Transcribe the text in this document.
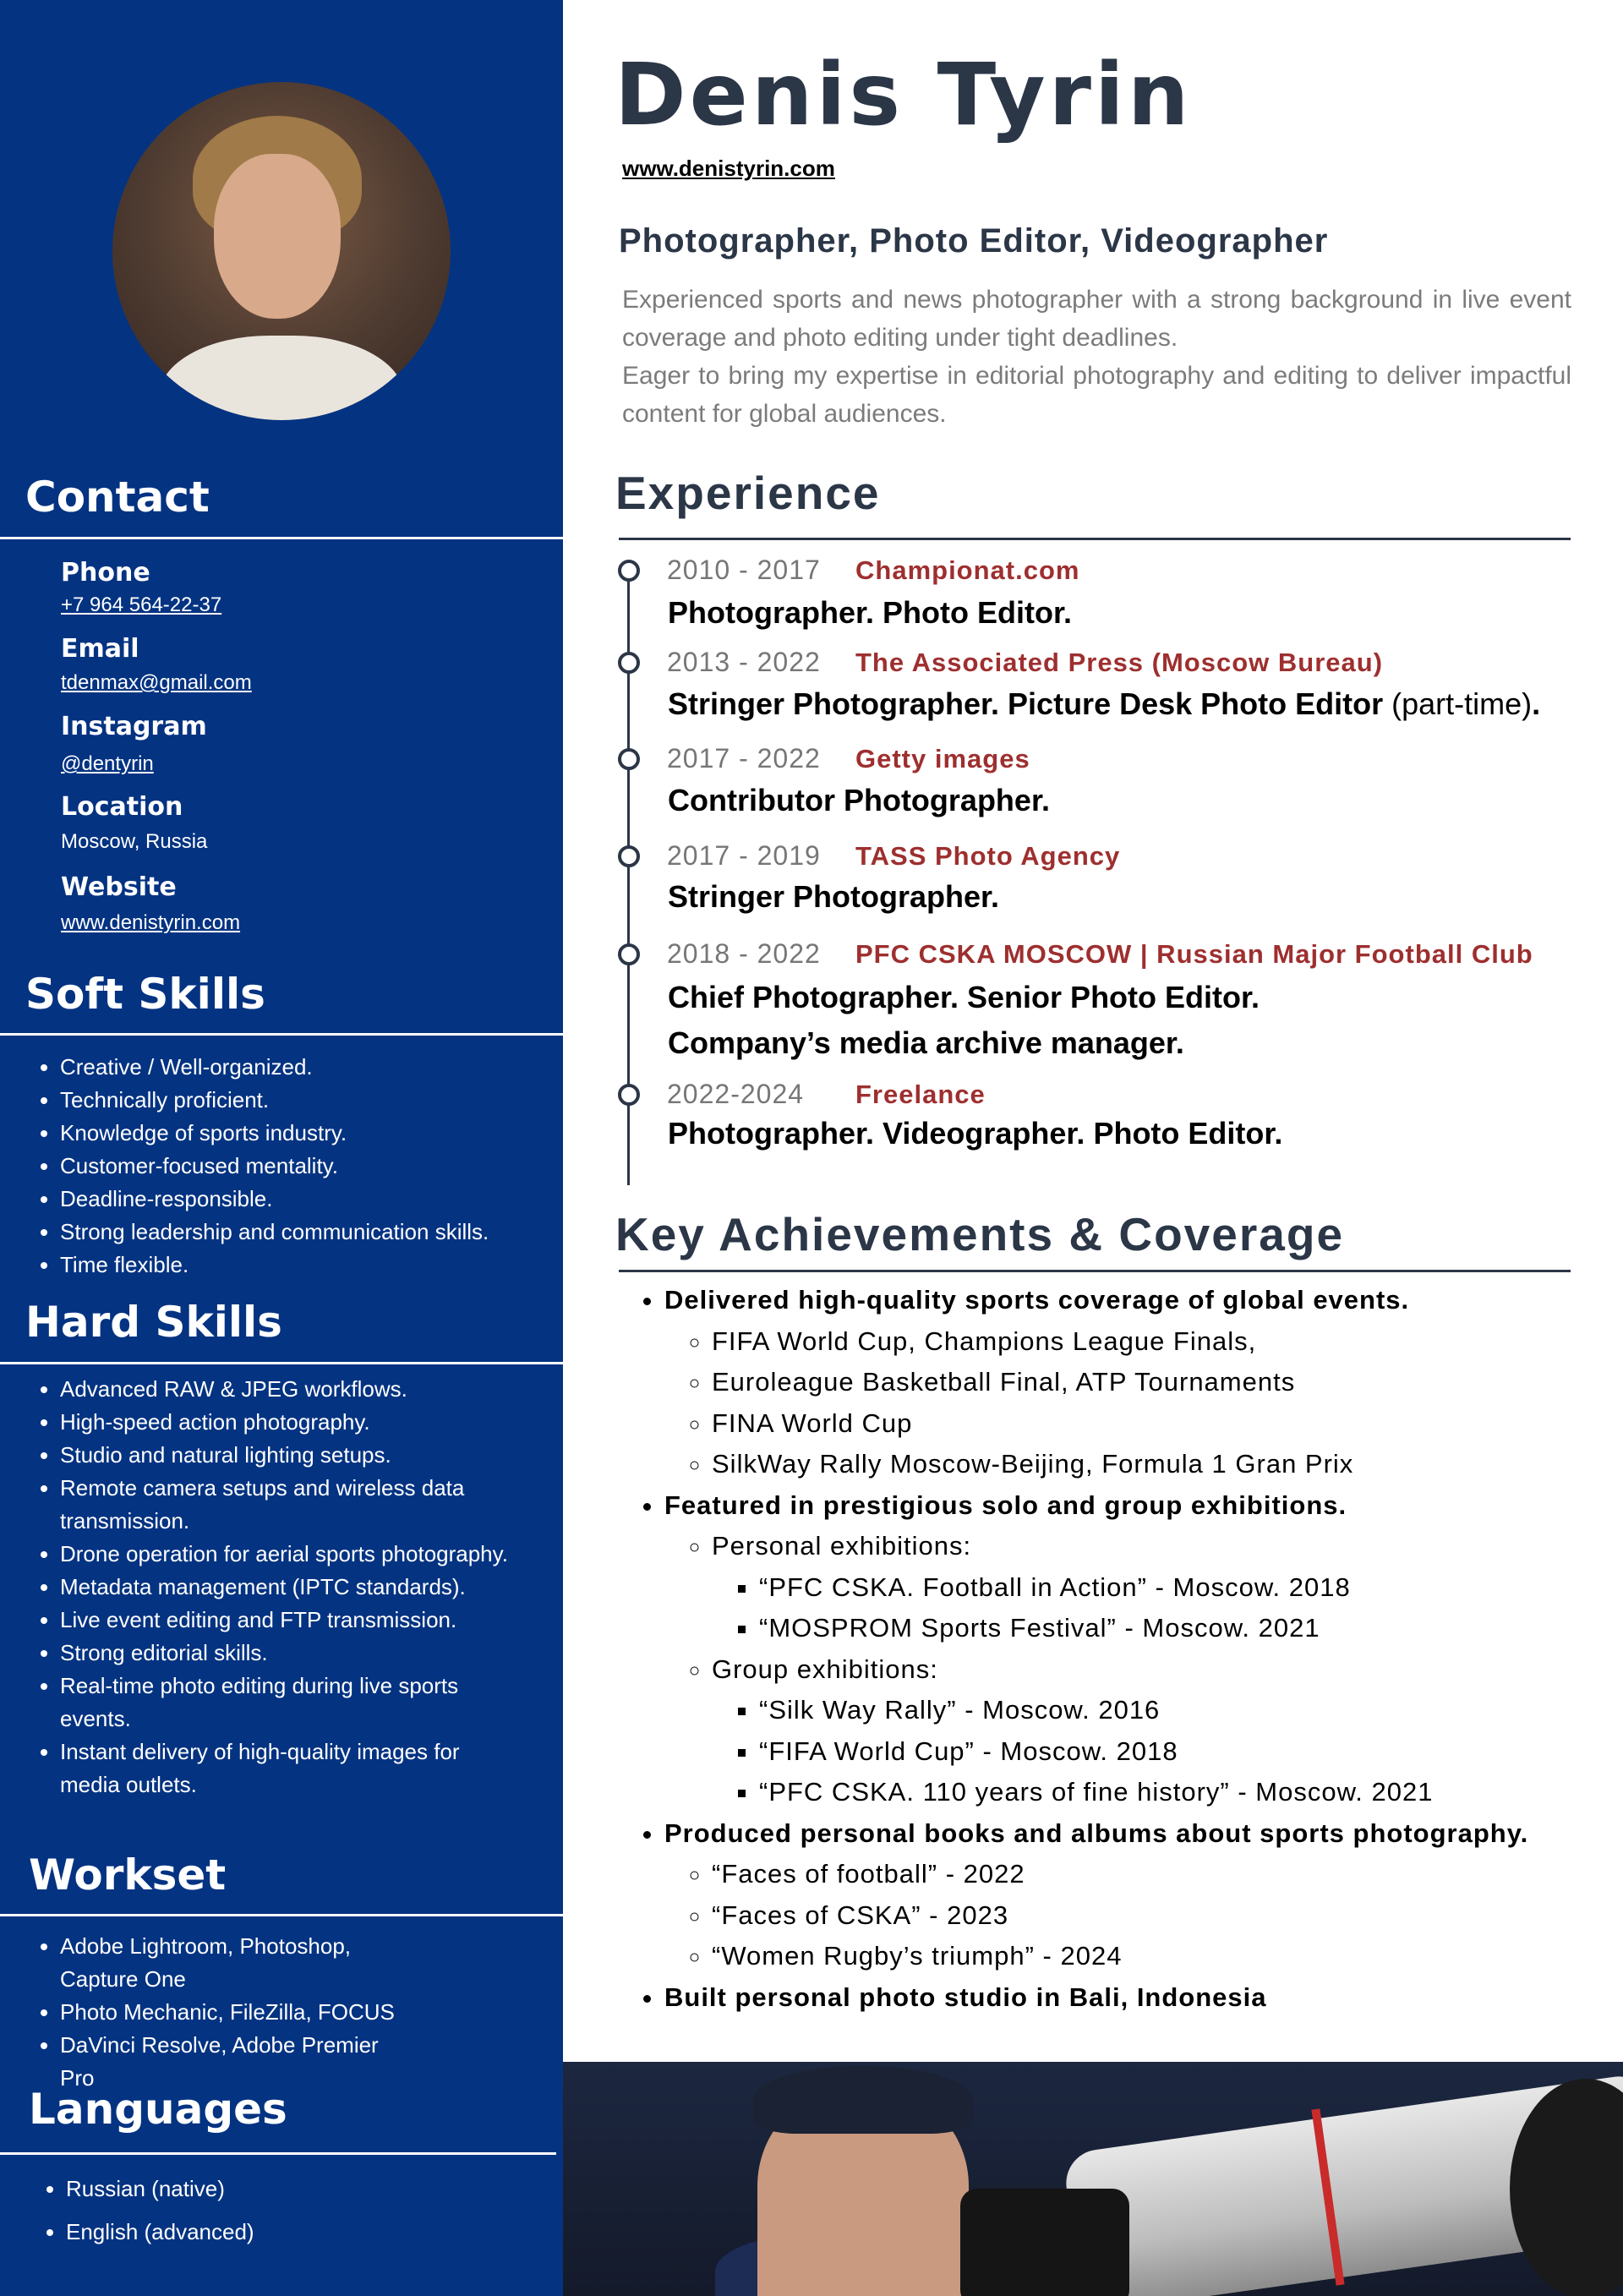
Contact
Phone
+7 964 564-22-37
Email
tdenmax@gmail.com
Instagram
@dentyrin
Location
Moscow, Russia
Website
www.denistyrin.com
Soft Skills
• Creative / Well-organized.
• Technically proficient.
• Knowledge of sports industry.
• Customer-focused mentality.
• Deadline-responsible.
• Strong leadership and communication skills.
• Time flexible.
Hard Skills
• Advanced RAW & JPEG workflows.
• High-speed action photography.
• Studio and natural lighting setups.
• Remote camera setups and wireless data transmission.
• Drone operation for aerial sports photography.
• Metadata management (IPTC standards).
• Live event editing and FTP transmission.
• Strong editorial skills.
• Real-time photo editing during live sports events.
• Instant delivery of high-quality images for media outlets.
Workset
• Adobe Lightroom, Photoshop, Capture One
• Photo Mechanic, FileZilla, FOCUS
• DaVinci Resolve, Adobe Premier Pro
Languages
• Russian (native)
• English (advanced)
Denis Tyrin
www.denistyrin.com
Photographer, Photo Editor, Videographer

Experienced sports and news photographer with a strong background in live event coverage and photo editing under tight deadlines.

Eager to bring my expertise in editorial photography and editing to deliver impactful content for global audiences.

Experience
2010 - 2017 Championat.com
Photographer. Photo Editor.
2013 - 2022 The Associated Press (Moscow Bureau)
Stringer Photographer. Picture Desk Photo Editor (part-time).
2017 - 2022 Getty images
Contributor Photographer.
2017 - 2019 TASS Photo Agency
Stringer Photographer.
2018 - 2022 PFC CSKA MOSCOW | Russian Major Football Club
Chief Photographer. Senior Photo Editor.
Company’s media archive manager.
2022-2024 Freelance
Photographer. Videographer. Photo Editor.
Key Achievements & Coverage
• Delivered high-quality sports coverage of global events.
◦ FIFA World Cup, Champions League Finals,
◦ Euroleague Basketball Final, ATP Tournaments
◦ FINA World Cup
◦ SilkWay Rally Moscow-Beijing, Formula 1 Gran Prix
• Featured in prestigious solo and group exhibitions.
◦ Personal exhibitions:
▪ “PFC CSKA. Football in Action” - Moscow. 2018
▪ “MOSPROM Sports Festival” - Moscow. 2021
◦ Group exhibitions:
▪ “Silk Way Rally” - Moscow. 2016
▪ “FIFA World Cup” - Moscow. 2018
▪ “PFC CSKA. 110 years of fine history” - Moscow. 2021
• Produced personal books and albums about sports photography.
◦ “Faces of football” - 2022
◦ “Faces of CSKA” - 2023
◦ “Women Rugby’s triumph” - 2024
• Built personal photo studio in Bali, Indonesia
